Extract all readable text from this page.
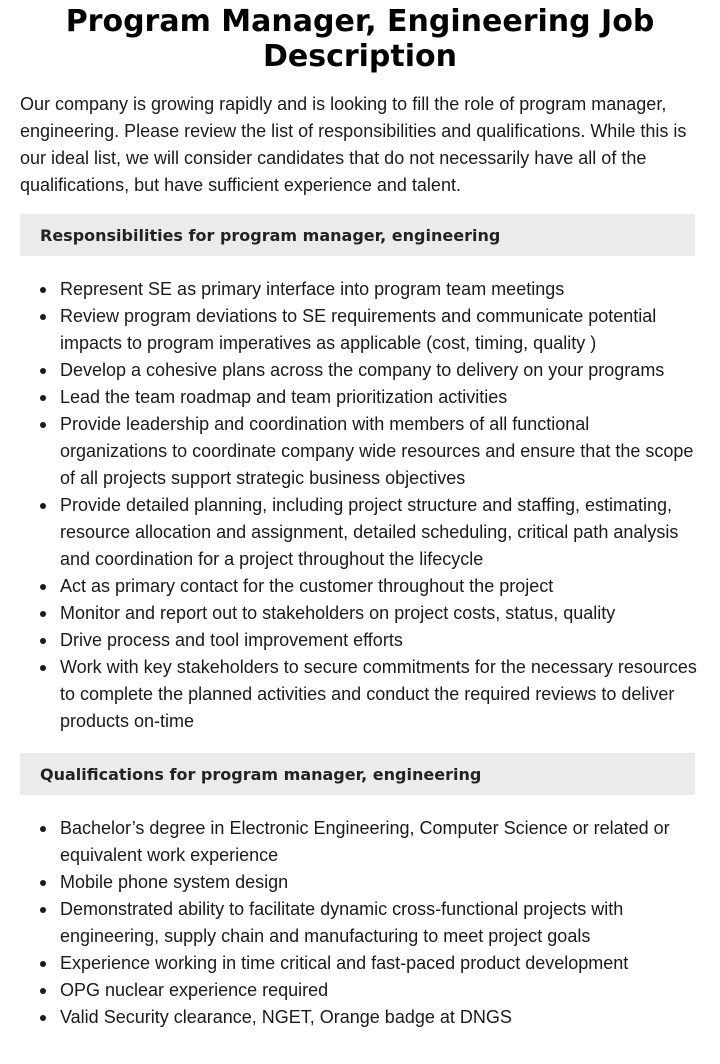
Program Manager, Engineering Job Description

Our company is growing rapidly and is looking to fill the role of program manager, engineering. Please review the list of responsibilities and qualifications. While this is our ideal list, we will consider candidates that do not necessarily have all of the qualifications, but have sufficient experience and talent.

Responsibilities for program manager, engineering
Represent SE as primary interface into program team meetings
Review program deviations to SE requirements and communicate potential impacts to program imperatives as applicable (cost, timing, quality )
Develop a cohesive plans across the company to delivery on your programs
Lead the team roadmap and team prioritization activities
Provide leadership and coordination with members of all functional organizations to coordinate company wide resources and ensure that the scope of all projects support strategic business objectives
Provide detailed planning, including project structure and staffing, estimating, resource allocation and assignment, detailed scheduling, critical path analysis and coordination for a project throughout the lifecycle
Act as primary contact for the customer throughout the project
Monitor and report out to stakeholders on project costs, status, quality
Drive process and tool improvement efforts
Work with key stakeholders to secure commitments for the necessary resources to complete the planned activities and conduct the required reviews to deliver products on-time
Qualifications for program manager, engineering
Bachelor’s degree in Electronic Engineering, Computer Science or related or equivalent work experience
Mobile phone system design
Demonstrated ability to facilitate dynamic cross-functional projects with engineering, supply chain and manufacturing to meet project goals
Experience working in time critical and fast-paced product development
OPG nuclear experience required
Valid Security clearance, NGET, Orange badge at DNGS
